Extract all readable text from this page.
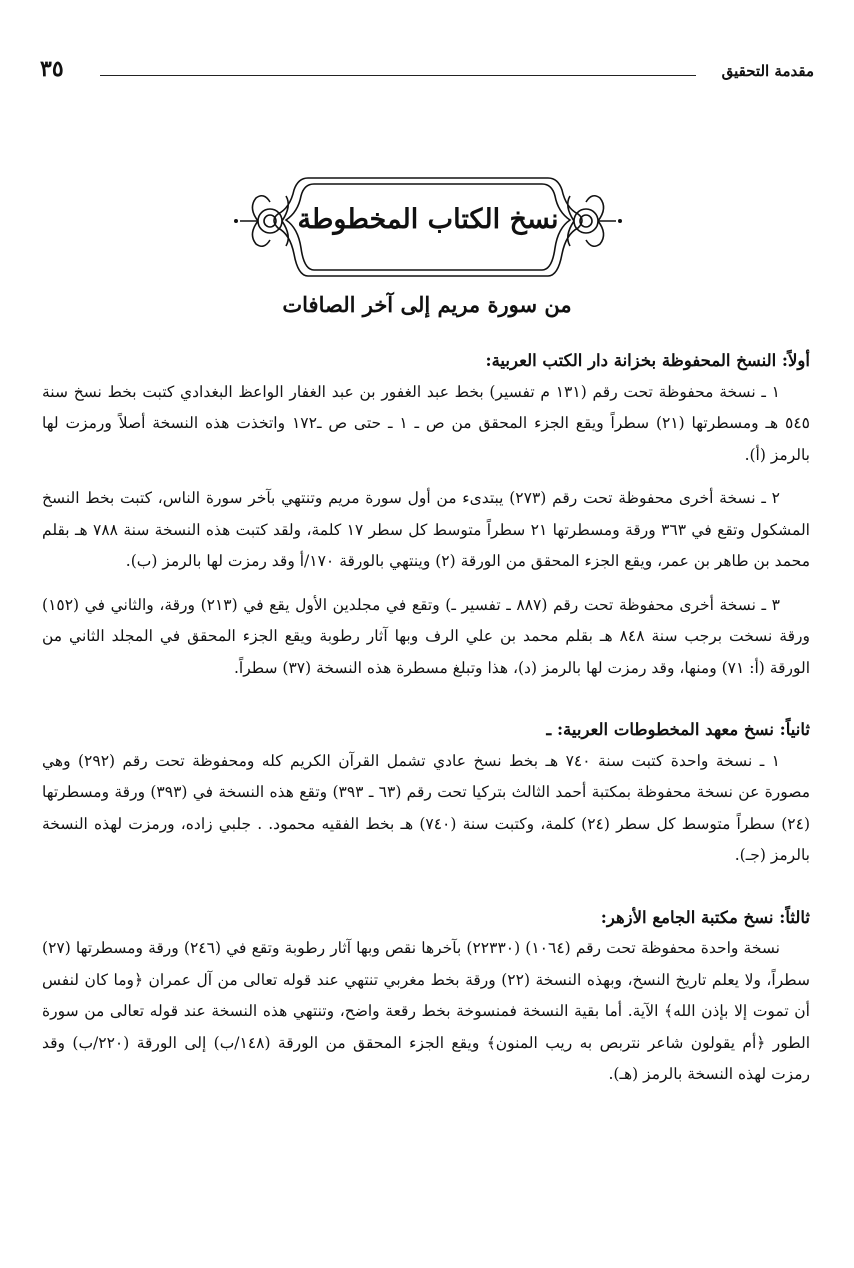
مقدمة التحقيق
٣٥
نسخ الكتاب المخطوطة
من سورة مريم إلى آخر الصافات

أولاً: النسخ المحفوظة بخزانة دار الكتب العربية:

١ ـ نسخة محفوظة تحت رقم (١٣١ م تفسير) بخط عبد الغفور بن عبد الغفار الواعظ البغدادي كتبت بخط نسخ سنة ٥٤٥ هـ ومسطرتها (٢١) سطراً ويقع الجزء المحقق من ص ـ ١ ـ حتى ص ـ١٧٢ واتخذت هذه النسخة أصلاً ورمزت لها بالرمز (أ).

٢ ـ نسخة أخرى محفوظة تحت رقم (٢٧٣) يبتدىء من أول سورة مريم وتنتهي بآخر سورة الناس، كتبت بخط النسخ المشكول وتقع في ٣٦٣ ورقة ومسطرتها ٢١ سطراً متوسط كل سطر ١٧ كلمة، ولقد كتبت هذه النسخة سنة ٧٨٨ هـ بقلم محمد بن طاهر بن عمر، ويقع الجزء المحقق من الورقة (٢) وينتهي بالورقة ١٧٠/أ وقد رمزت لها بالرمز (ب).

٣ ـ نسخة أخرى محفوظة تحت رقم (٨٨٧ ـ تفسير ـ) وتقع في مجلدين الأول يقع في (٢١٣) ورقة، والثاني في (١٥٢) ورقة نسخت برجب سنة ٨٤٨ هـ بقلم محمد بن علي الرف وبها آثار رطوبة ويقع الجزء المحقق في المجلد الثاني من الورقة (أ: ٧١) ومنها، وقد رمزت لها بالرمز (د)، هذا وتبلغ مسطرة هذه النسخة (٣٧) سطراً.

ثانياً: نسخ معهد المخطوطات العربية: ـ

١ ـ نسخة واحدة كتبت سنة ٧٤٠ هـ بخط نسخ عادي تشمل القرآن الكريم كله ومحفوظة تحت رقم (٢٩٢) وهي مصورة عن نسخة محفوظة بمكتبة أحمد الثالث بتركيا تحت رقم (٦٣ ـ ٣٩٣) وتقع هذه النسخة في (٣٩٣) ورقة ومسطرتها (٢٤) سطراً متوسط كل سطر (٢٤) كلمة، وكتبت سنة (٧٤٠) هـ بخط الفقيه محمود. . جلبي زاده، ورمزت لهذه النسخة بالرمز (جـ).

ثالثاً: نسخ مكتبة الجامع الأزهر:

نسخة واحدة محفوظة تحت رقم (١٠٦٤) (٢٢٣٣٠) بآخرها نقص وبها آثار رطوبة وتقع في (٢٤٦) ورقة ومسطرتها (٢٧) سطراً، ولا يعلم تاريخ النسخ، وبهذه النسخة (٢٢) ورقة بخط مغربي تنتهي عند قوله تعالى من آل عمران ﴿وما كان لنفس أن تموت إلا بإذن الله﴾ الآية. أما بقية النسخة فمنسوخة بخط رقعة واضح، وتنتهي هذه النسخة عند قوله تعالى من سورة الطور ﴿أم يقولون شاعر نتربص به ريب المنون﴾ ويقع الجزء المحقق من الورقة (١٤٨/ب) إلى الورقة (٢٢٠/ب) وقد رمزت لهذه النسخة بالرمز (هـ).
